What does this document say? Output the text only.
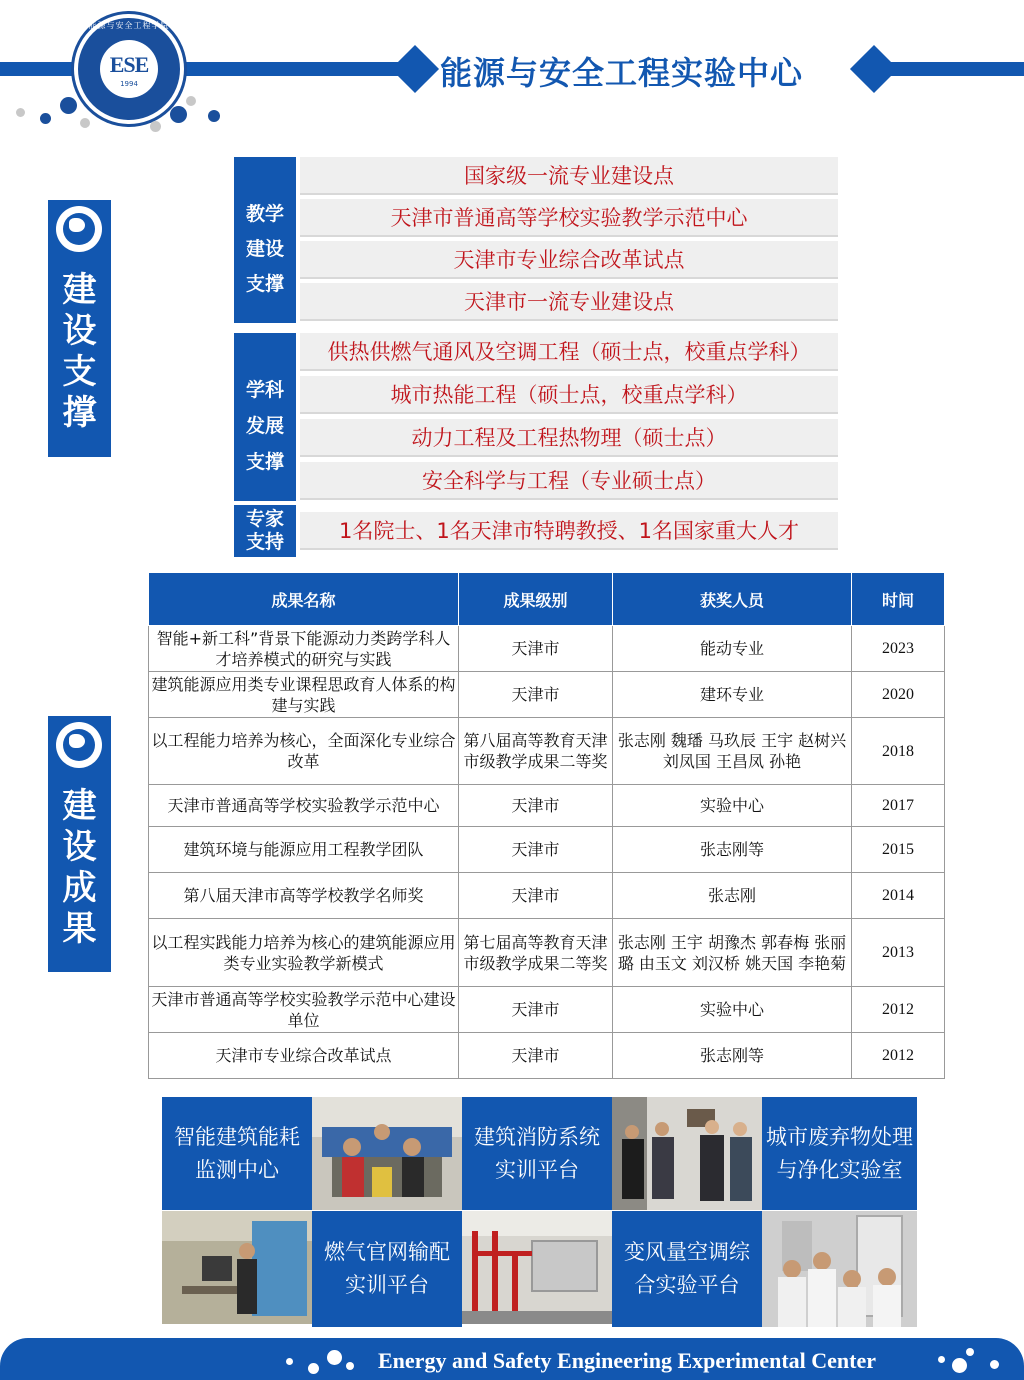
能源与安全工程实验中心
能源与安全工程学院
ESE
1994
建
设
支
撑
建
设
成
果
教学
建设
支撑
国家级一流专业建设点
天津市普通高等学校实验教学示范中心
天津市专业综合改革试点
天津市一流专业建设点
学科
发展
支撑
供热供燃气通风及空调工程（硕士点，校重点学科）
城市热能工程（硕士点，校重点学科）
动力工程及工程热物理（硕士点）
安全科学与工程（专业硕士点）
专家
支持	1名院士、1名天津市特聘教授、1名国家重大人才
成果名称	成果级别	获奖人员	时间
智能+新工科”背景下能源动力类跨学科人才培养模式的研究与实践	天津市	能动专业	2023
建筑能源应用类专业课程思政育人体系的构建与实践	天津市	建环专业	2020
以工程能力培养为核心，全面深化专业综合改革	第八届高等教育天津市级教学成果二等奖	张志刚 魏璠 马玖辰 王宇 赵树兴 刘凤国 王昌凤 孙艳	2018
天津市普通高等学校实验教学示范中心	天津市	实验中心	2017
建筑环境与能源应用工程教学团队	天津市	张志刚等	2015
第八届天津市高等学校教学名师奖	天津市	张志刚	2014
以工程实践能力培养为核心的建筑能源应用类专业实验教学新模式	第七届高等教育天津市级教学成果二等奖	张志刚 王宇 胡豫杰 郭春梅 张丽璐 由玉文 刘汉桥 姚天国 李艳菊	2013
天津市普通高等学校实验教学示范中心建设单位	天津市	实验中心	2012
天津市专业综合改革试点	天津市	张志刚等	2012
智能建筑能耗
监测中心
建筑消防系统
实训平台
城市废弃物处理
与净化实验室
燃气官网输配
实训平台
变风量空调综
合实验平台
Energy and Safety Engineering Experimental Center
